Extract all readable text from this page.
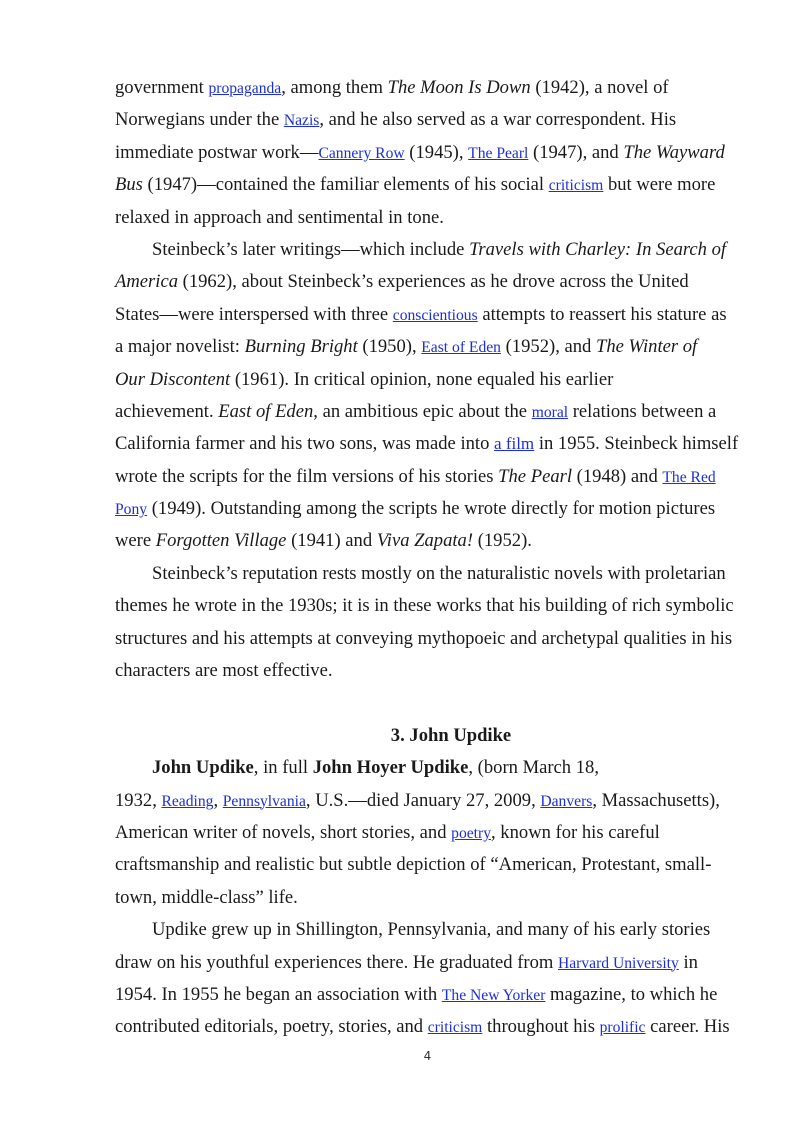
government propaganda, among them The Moon Is Down (1942), a novel of
Norwegians under the Nazis, and he also served as a war correspondent. His
immediate postwar work—Cannery Row (1945), The Pearl (1947), and The Wayward
Bus (1947)—contained the familiar elements of his social criticism but were more
relaxed in approach and sentimental in tone.
Steinbeck’s later writings—which include Travels with Charley: In Search of
America (1962), about Steinbeck’s experiences as he drove across the United
States—were interspersed with three conscientious attempts to reassert his stature as
a major novelist: Burning Bright (1950), East of Eden (1952), and The Winter of
Our Discontent (1961). In critical opinion, none equaled his earlier
achievement. East of Eden, an ambitious epic about the moral relations between a
California farmer and his two sons, was made into a film in 1955. Steinbeck himself
wrote the scripts for the film versions of his stories The Pearl (1948) and The Red
Pony (1949). Outstanding among the scripts he wrote directly for motion pictures
were Forgotten Village (1941) and Viva Zapata! (1952).
Steinbeck’s reputation rests mostly on the naturalistic novels with proletarian
themes he wrote in the 1930s; it is in these works that his building of rich symbolic
structures and his attempts at conveying mythopoeic and archetypal qualities in his
characters are most effective.
3. John Updike
John Updike, in full John Hoyer Updike, (born March 18,
1932, Reading, Pennsylvania, U.S.—died January 27, 2009, Danvers, Massachusetts),
American writer of novels, short stories, and poetry, known for his careful
craftsmanship and realistic but subtle depiction of “American, Protestant, small-
town, middle-class” life.
Updike grew up in Shillington, Pennsylvania, and many of his early stories
draw on his youthful experiences there. He graduated from Harvard University in
1954. In 1955 he began an association with The New Yorker magazine, to which he
contributed editorials, poetry, stories, and criticism throughout his prolific career. His
4
